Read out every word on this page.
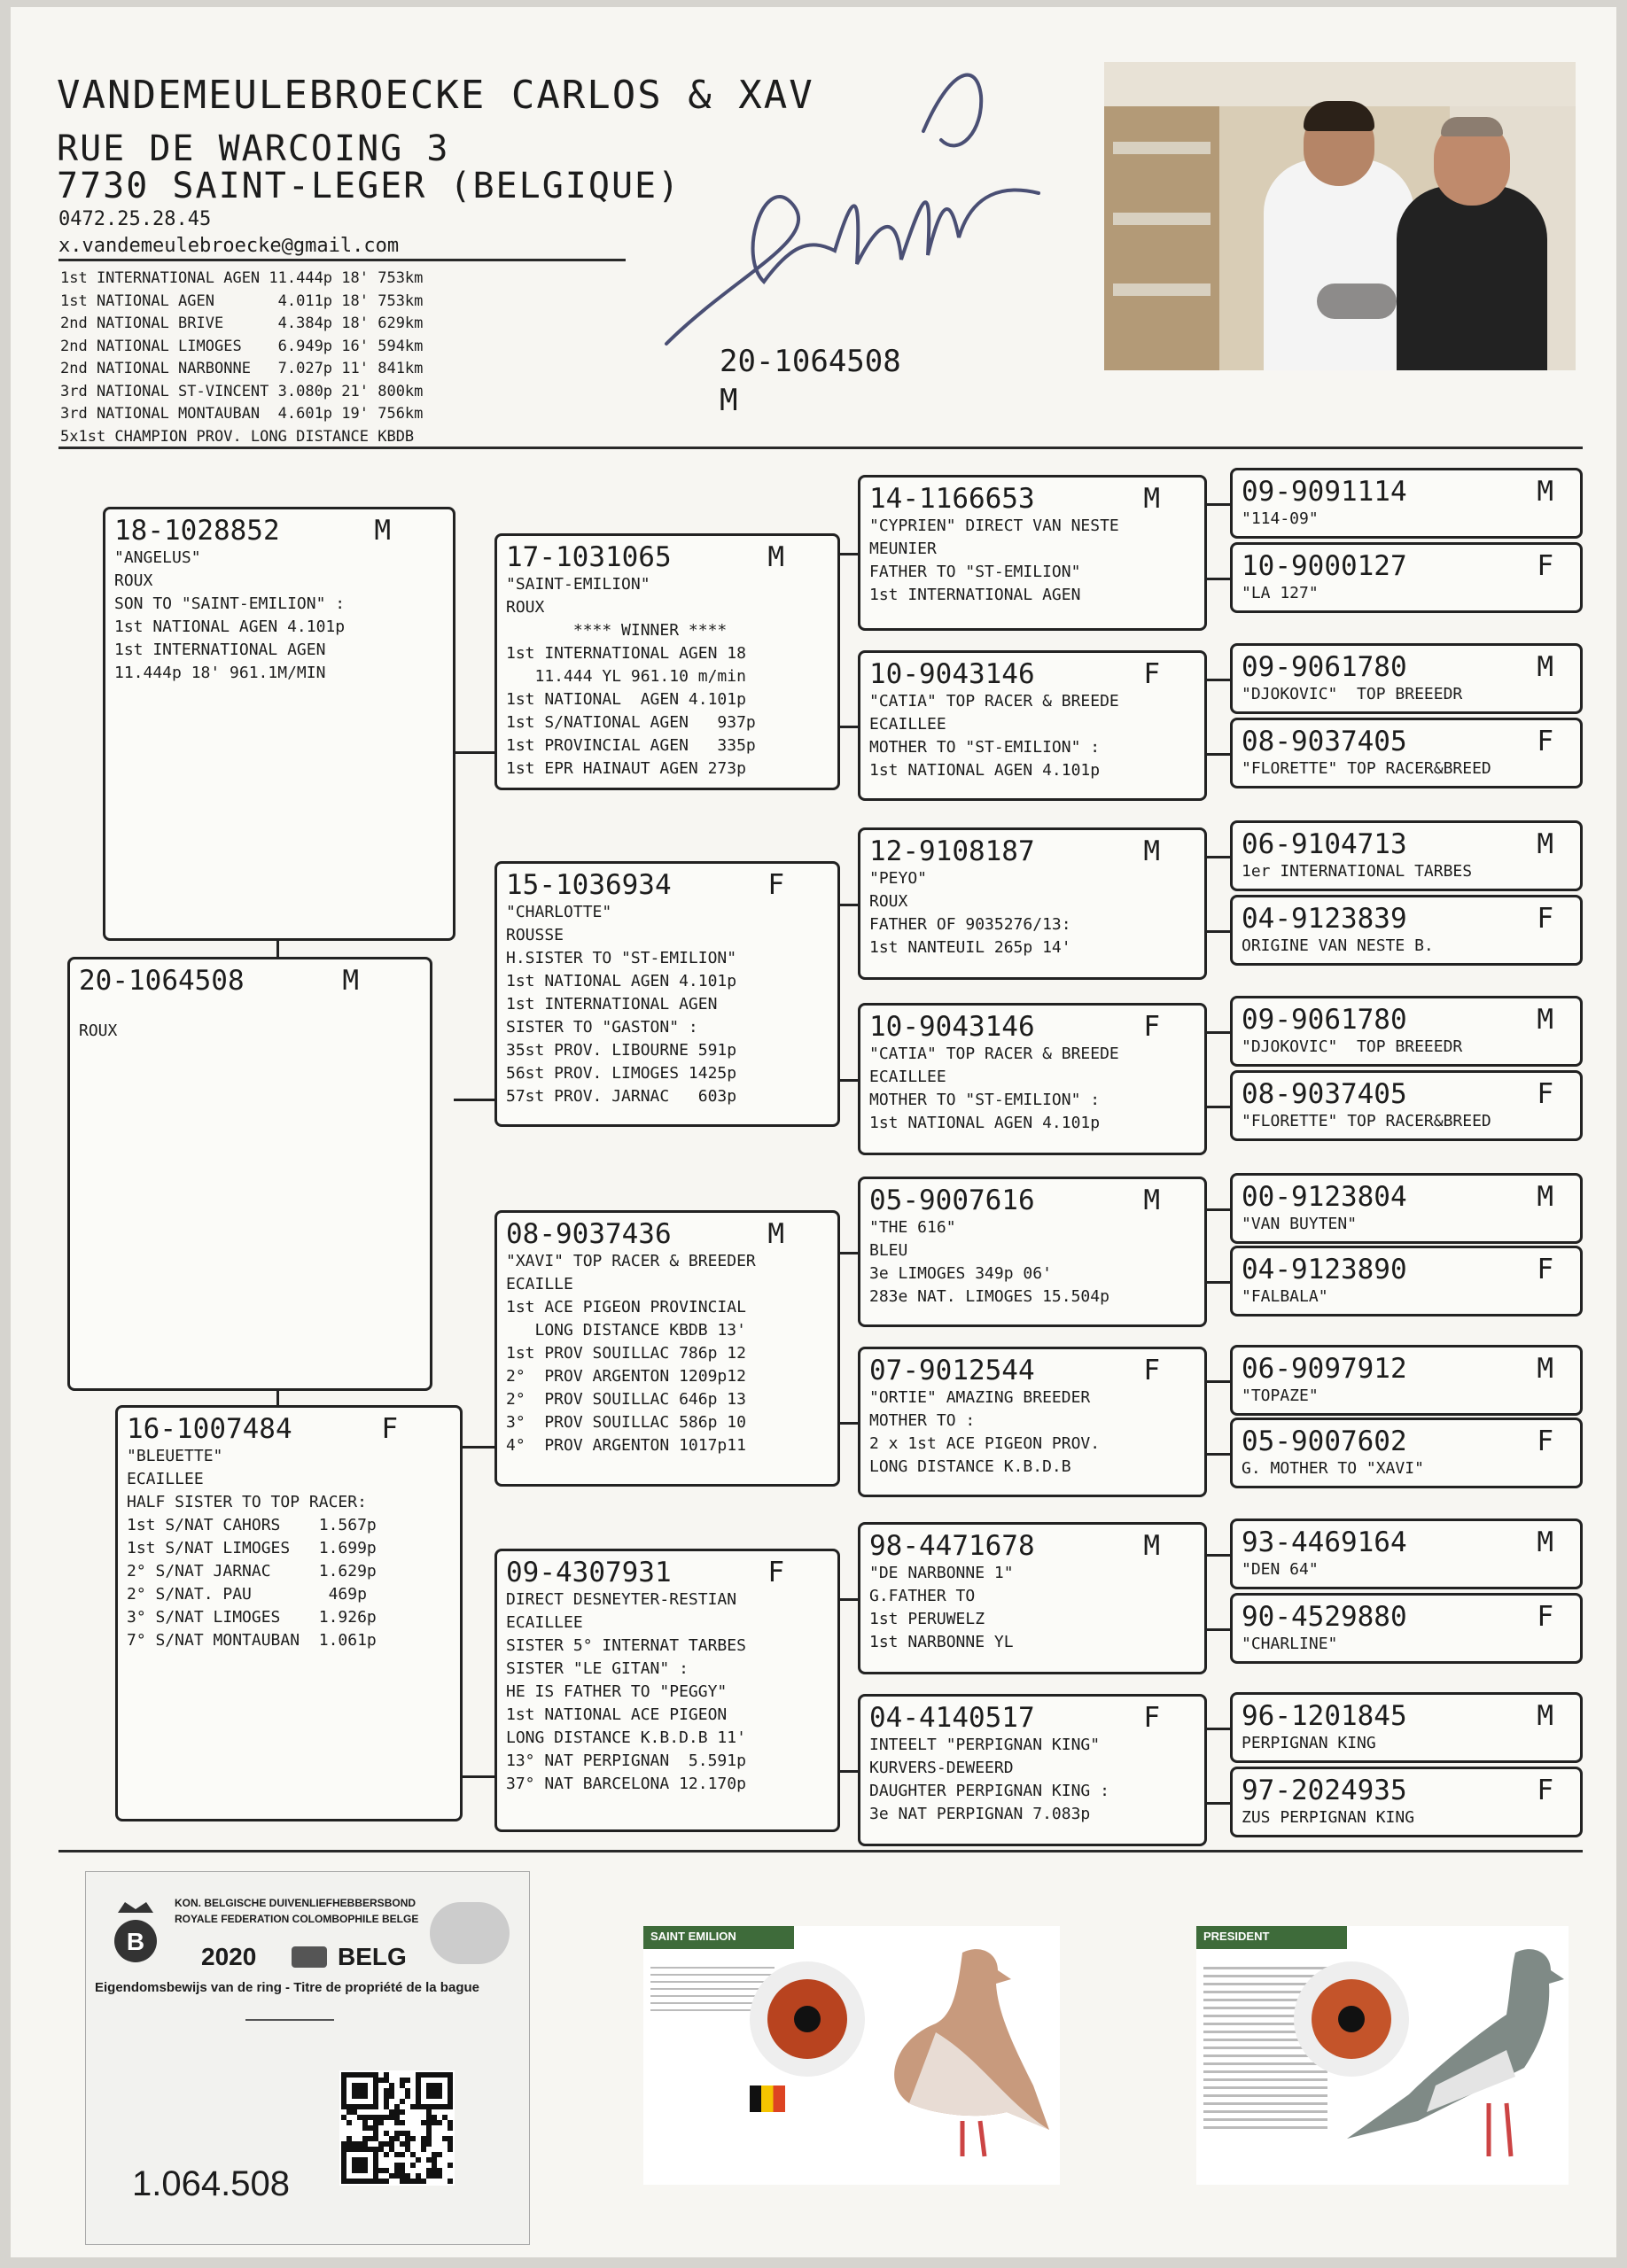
VANDEMEULEBROECKE CARLOS & XAV
RUE DE WARCOING 3
7730 SAINT-LEGER (BELGIQUE)
0472.25.28.45
x.vandemeulebroecke@gmail.com
1st INTERNATIONAL AGEN 11.444p 18' 753km
1st NATIONAL AGEN       4.011p 18' 753km
2nd NATIONAL BRIVE      4.384p 18' 629km
2nd NATIONAL LIMOGES    6.949p 16' 594km
2nd NATIONAL NARBONNE   7.027p 11' 841km
3rd NATIONAL ST-VINCENT 3.080p 21' 800km
3rd NATIONAL MONTAUBAN  4.601p 19' 756km
5x1st CHAMPION PROV. LONG DISTANCE KBDB
20-1064508
M
20-1064508	M

ROUX
18-1028852	M
"ANGELUS"
ROUX
SON TO "SAINT-EMILION" :
1st NATIONAL AGEN 4.101p
1st INTERNATIONAL AGEN
11.444p 18' 961.1M/MIN
16-1007484	F
"BLEUETTE"
ECAILLEE
HALF SISTER TO TOP RACER:
1st S/NAT CAHORS    1.567p
1st S/NAT LIMOGES   1.699p
2° S/NAT JARNAC     1.629p
2° S/NAT. PAU        469p
3° S/NAT LIMOGES    1.926p
7° S/NAT MONTAUBAN  1.061p
B
KON. BELGISCHE DUIVENLIEFHEBBERSBOND
ROYALE FEDERATION COLOMBOPHILE BELGE
2020	BELG
Eigendomsbewijs van de ring - Titre de propriété de la bague
1.064.508
SAINT EMILION	PRESIDENT
17-1031065	M
"SAINT-EMILION"
ROUX
**** WINNER ****
1st INTERNATIONAL AGEN 18
11.444 YL 961.10 m/min
1st NATIONAL  AGEN 4.101p
1st S/NATIONAL AGEN   937p
1st PROVINCIAL AGEN   335p
1st EPR HAINAUT AGEN 273p
15-1036934	F
"CHARLOTTE"
ROUSSE
H.SISTER TO "ST-EMILION"
1st NATIONAL AGEN 4.101p
1st INTERNATIONAL AGEN
SISTER TO "GASTON" :
35st PROV. LIBOURNE 591p
56st PROV. LIMOGES 1425p
57st PROV. JARNAC   603p
08-9037436	M
"XAVI" TOP RACER & BREEDER
ECAILLE
1st ACE PIGEON PROVINCIAL
LONG DISTANCE KBDB 13'
1st PROV SOUILLAC 786p 12
2°  PROV ARGENTON 1209p12
2°  PROV SOUILLAC 646p 13
3°  PROV SOUILLAC 586p 10
4°  PROV ARGENTON 1017p11
09-4307931	F
DIRECT DESNEYTER-RESTIAN
ECAILLEE
SISTER 5° INTERNAT TARBES
SISTER "LE GITAN" :
HE IS FATHER TO "PEGGY"
1st NATIONAL ACE PIGEON
LONG DISTANCE K.B.D.B 11'
13° NAT PERPIGNAN  5.591p
37° NAT BARCELONA 12.170p
14-1166653	M
"CYPRIEN" DIRECT VAN NESTE
MEUNIER
FATHER TO "ST-EMILION"
1st INTERNATIONAL AGEN
10-9043146	F
"CATIA" TOP RACER & BREEDE
ECAILLEE
MOTHER TO "ST-EMILION" :
1st NATIONAL AGEN 4.101p
12-9108187	M
"PEYO"
ROUX
FATHER OF 9035276/13:
1st NANTEUIL 265p 14'
10-9043146	F
"CATIA" TOP RACER & BREEDE
ECAILLEE
MOTHER TO "ST-EMILION" :
1st NATIONAL AGEN 4.101p
05-9007616	M
"THE 616"
BLEU
3e LIMOGES 349p 06'
283e NAT. LIMOGES 15.504p
07-9012544	F
"ORTIE" AMAZING BREEDER
MOTHER TO :
2 x 1st ACE PIGEON PROV.
LONG DISTANCE K.B.D.B
98-4471678	M
"DE NARBONNE 1"
G.FATHER TO
1st PERUWELZ
1st NARBONNE YL
04-4140517	F
INTEELT "PERPIGNAN KING"
KURVERS-DEWEERD
DAUGHTER PERPIGNAN KING :
3e NAT PERPIGNAN 7.083p
09-9091114	M
"114-09"
10-9000127	F
"LA 127"
09-9061780	M
"DJOKOVIC"  TOP BREEEDR
08-9037405	F
"FLORETTE" TOP RACER&BREED
06-9104713	M
1er INTERNATIONAL TARBES
04-9123839	F
ORIGINE VAN NESTE B.
09-9061780	M
"DJOKOVIC"  TOP BREEEDR
08-9037405	F
"FLORETTE" TOP RACER&BREED
00-9123804	M
"VAN BUYTEN"
04-9123890	F
"FALBALA"
06-9097912	M
"TOPAZE"
05-9007602	F
G. MOTHER TO "XAVI"
93-4469164	M
"DEN 64"
90-4529880	F
"CHARLINE"
96-1201845	M
PERPIGNAN KING
97-2024935	F
ZUS PERPIGNAN KING
